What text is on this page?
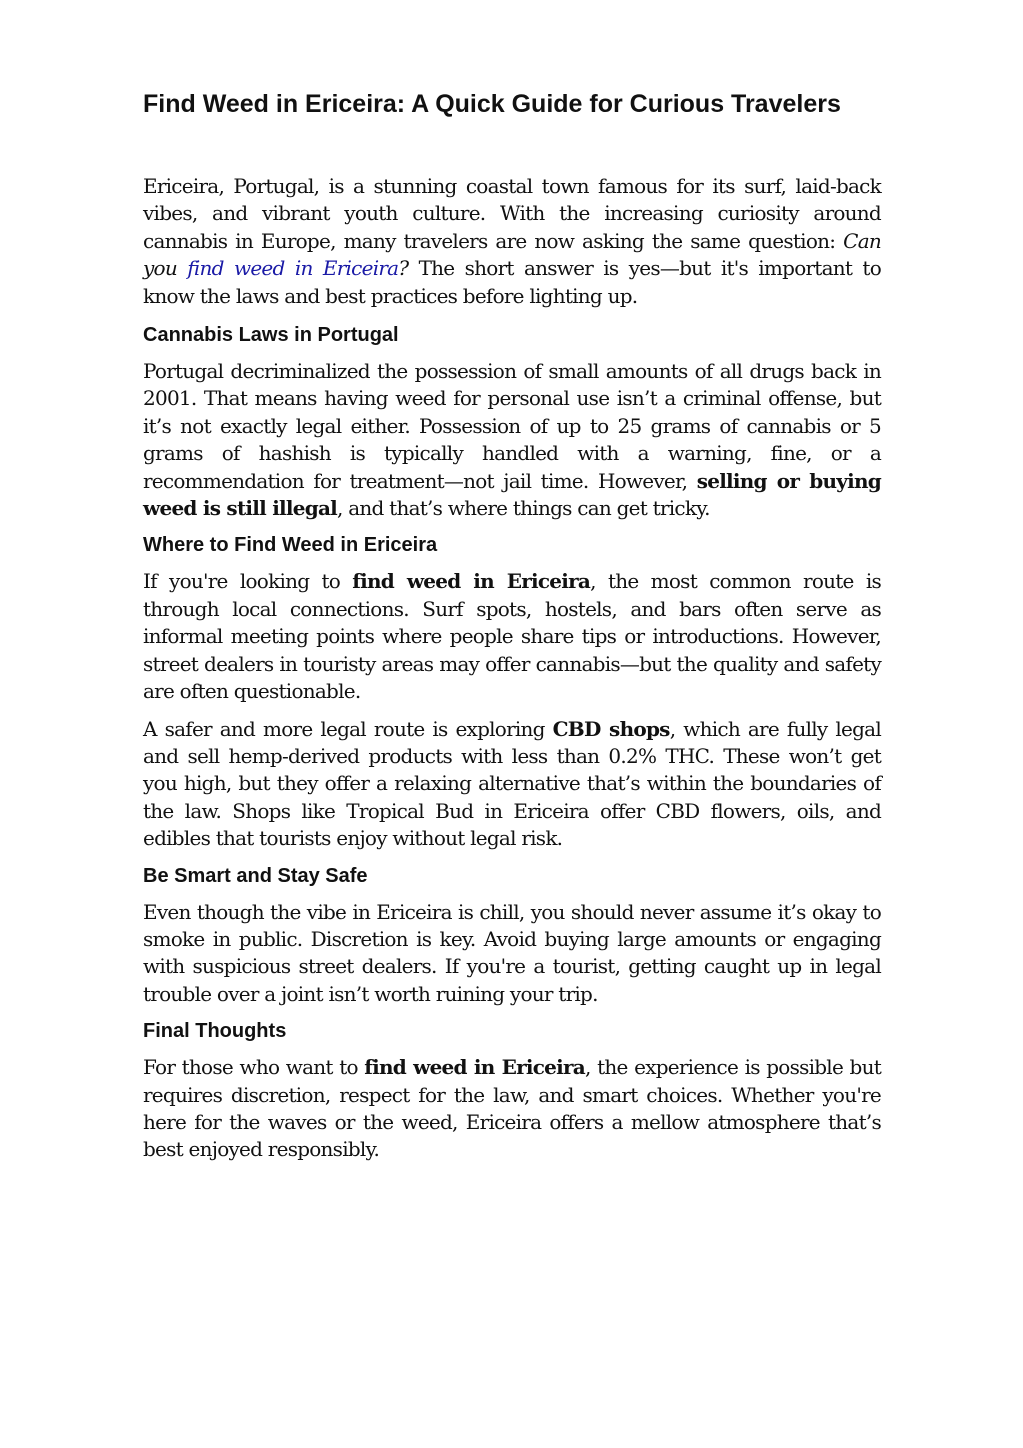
Find Weed in Ericeira: A Quick Guide for Curious Travelers

Ericeira, Portugal, is a stunning coastal town famous for its surf, laid-back vibes, and vibrant youth culture. With the increasing curiosity around cannabis in Europe, many travelers are now asking the same question: Can you find weed in Ericeira? The short answer is yes—but it's important to know the laws and best practices before lighting up.

Cannabis Laws in Portugal

Portugal decriminalized the possession of small amounts of all drugs back in 2001. That means having weed for personal use isn’t a criminal offense, but it’s not exactly legal either. Possession of up to 25 grams of cannabis or 5 grams of hashish is typically handled with a warning, fine, or a recommendation for treatment—not jail time. However, selling or buying weed is still illegal, and that’s where things can get tricky.

Where to Find Weed in Ericeira

If you're looking to find weed in Ericeira, the most common route is through local connections. Surf spots, hostels, and bars often serve as informal meeting points where people share tips or introductions. However, street dealers in touristy areas may offer cannabis—but the quality and safety are often questionable.

A safer and more legal route is exploring CBD shops, which are fully legal and sell hemp-derived products with less than 0.2% THC. These won’t get you high, but they offer a relaxing alternative that’s within the boundaries of the law. Shops like Tropical Bud in Ericeira offer CBD flowers, oils, and edibles that tourists enjoy without legal risk.

Be Smart and Stay Safe

Even though the vibe in Ericeira is chill, you should never assume it’s okay to smoke in public. Discretion is key. Avoid buying large amounts or engaging with suspicious street dealers. If you're a tourist, getting caught up in legal trouble over a joint isn’t worth ruining your trip.

Final Thoughts

For those who want to find weed in Ericeira, the experience is possible but requires discretion, respect for the law, and smart choices. Whether you're here for the waves or the weed, Ericeira offers a mellow atmosphere that’s best enjoyed responsibly.
